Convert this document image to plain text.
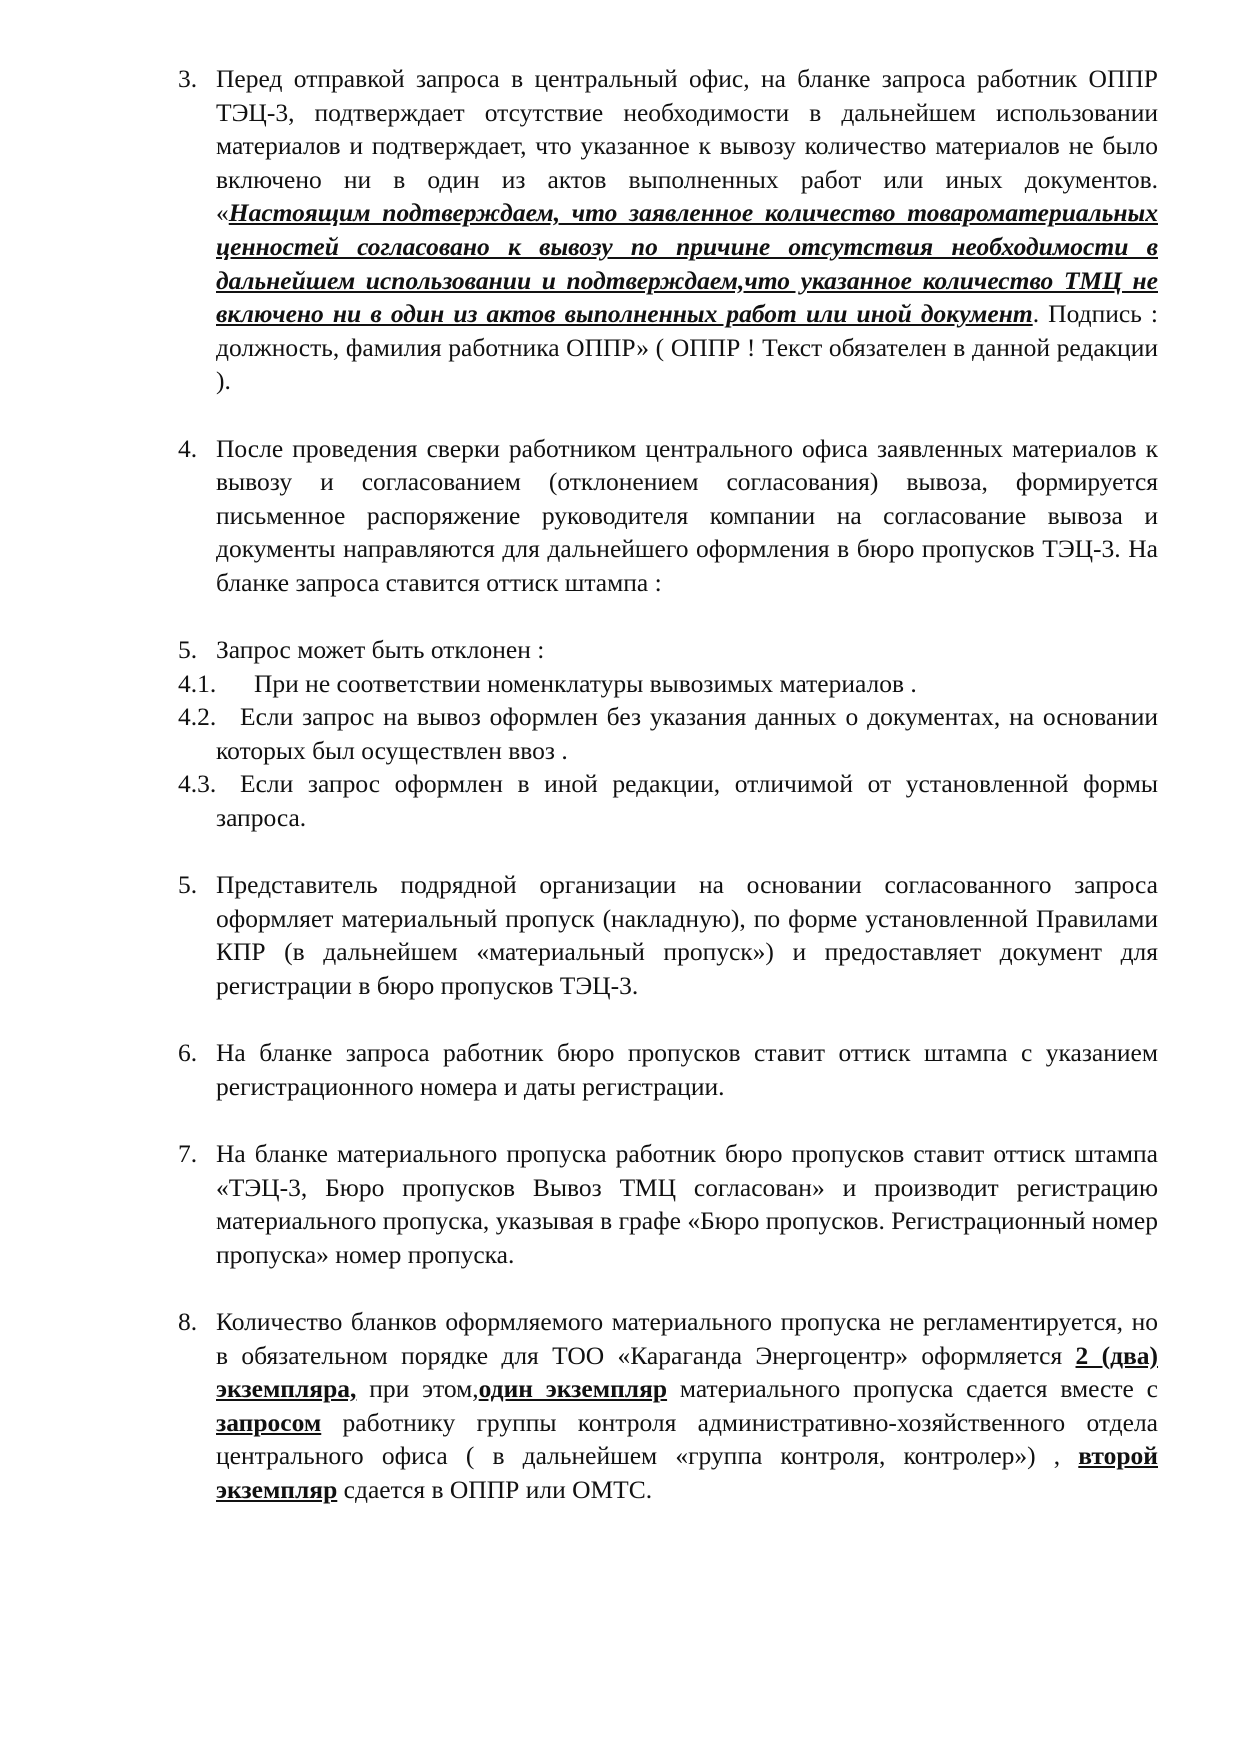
3. Перед отправкой запроса в центральный офис, на бланке запроса работник ОППР ТЭЦ-3, подтверждает отсутствие необходимости в дальнейшем использовании материалов и подтверждает, что указанное к вывозу количество материалов не было включено ни в один из актов выполненных работ или иных документов. «Настоящим подтверждаем, что заявленное количество товароматериальных ценностей согласовано к вывозу по причине отсутствия необходимости в дальнейшем использовании и подтверждаем,что указанное количество ТМЦ не включено ни в один из актов выполненных работ или иной документ. Подпись : должность, фамилия работника ОППР» ( ОППР ! Текст обязателен в данной редакции ).
4. После проведения сверки работником центрального офиса заявленных материалов к вывозу и согласованием (отклонением согласования) вывоза, формируется письменное распоряжение руководителя компании на согласование вывоза и документы направляются для дальнейшего оформления в бюро пропусков ТЭЦ-3. На бланке запроса ставится оттиск штампа :
5. Запрос может быть отклонен :
4.1. При не соответствии номенклатуры вывозимых материалов .
4.2. Если запрос на вывоз оформлен без указания данных о документах, на основании которых был осуществлен ввоз .
4.3. Если запрос оформлен в иной редакции, отличимой от установленной формы запроса.
5. Представитель подрядной организации на основании согласованного запроса оформляет материальный пропуск (накладную), по форме установленной Правилами КПР (в дальнейшем «материальный пропуск») и предоставляет документ для регистрации в бюро пропусков ТЭЦ-3.
6. На бланке запроса работник бюро пропусков ставит оттиск штампа с указанием регистрационного номера и даты регистрации.
7. На бланке материального пропуска работник бюро пропусков ставит оттиск штампа «ТЭЦ-3, Бюро пропусков Вывоз ТМЦ согласован» и производит регистрацию материального пропуска, указывая в графе «Бюро пропусков. Регистрационный номер пропуска» номер пропуска.
8. Количество бланков оформляемого материального пропуска не регламентируется, но в обязательном порядке для ТОО «Караганда Энергоцентр» оформляется 2 (два) экземпляра, при этом,один экземпляр материального пропуска сдается вместе с запросом работнику группы контроля административно-хозяйственного отдела центрального офиса ( в дальнейшем «группа контроля, контролер») , второй экземпляр сдается в ОППР или ОМТС.
